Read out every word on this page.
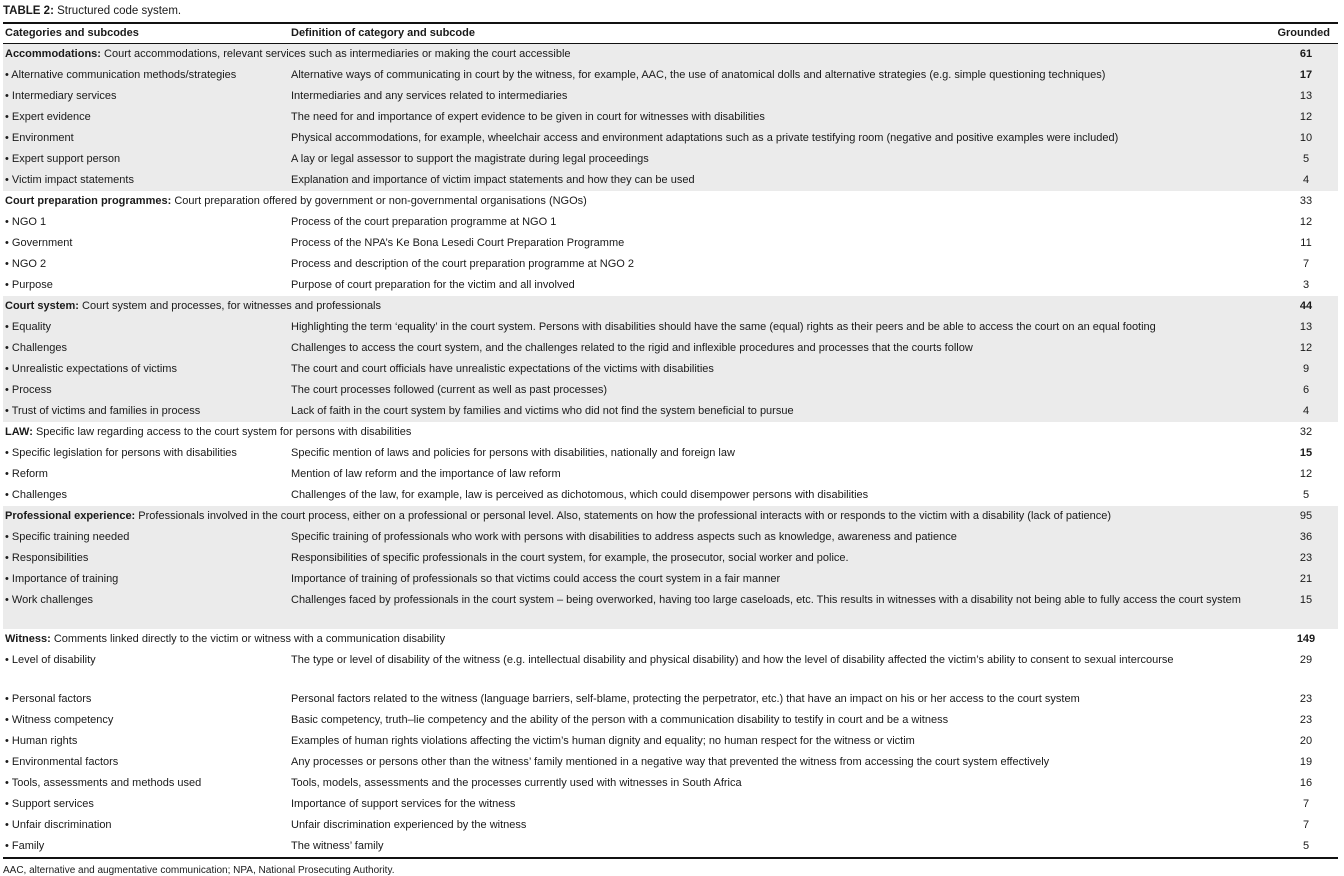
TABLE 2: Structured code system.
Categories and subcodes	Definition of category and subcode	Grounded
Accommodations: Court accommodations, relevant services such as intermediaries or making the court accessible		61
• Alternative communication methods/strategies	Alternative ways of communicating in court by the witness, for example, AAC, the use of anatomical dolls and alternative strategies (e.g. simple questioning techniques)	17
• Intermediary services	Intermediaries and any services related to intermediaries	13
• Expert evidence	The need for and importance of expert evidence to be given in court for witnesses with disabilities	12
• Environment	Physical accommodations, for example, wheelchair access and environment adaptations such as a private testifying room (negative and positive examples were included)	10
• Expert support person	A lay or legal assessor to support the magistrate during legal proceedings	5
• Victim impact statements	Explanation and importance of victim impact statements and how they can be used	4
Court preparation programmes: Court preparation offered by government or non-governmental organisations (NGOs)		33
• NGO 1	Process of the court preparation programme at NGO 1	12
• Government	Process of the NPA’s Ke Bona Lesedi Court Preparation Programme	11
• NGO 2	Process and description of the court preparation programme at NGO 2	7
• Purpose	Purpose of court preparation for the victim and all involved	3
Court system: Court system and processes, for witnesses and professionals		44
• Equality	Highlighting the term ‘equality’ in the court system. Persons with disabilities should have the same (equal) rights as their peers and be able to access the court on an equal footing	13
• Challenges	Challenges to access the court system, and the challenges related to the rigid and inflexible procedures and processes that the courts follow	12
• Unrealistic expectations of victims	The court and court officials have unrealistic expectations of the victims with disabilities	9
• Process	The court processes followed (current as well as past processes)	6
• Trust of victims and families in process	Lack of faith in the court system by families and victims who did not find the system beneficial to pursue	4
LAW: Specific law regarding access to the court system for persons with disabilities		32
• Specific legislation for persons with disabilities	Specific mention of laws and policies for persons with disabilities, nationally and foreign law	15
• Reform	Mention of law reform and the importance of law reform	12
• Challenges	Challenges of the law, for example, law is perceived as dichotomous, which could disempower persons with disabilities	5
Professional experience: Professionals involved in the court process, either on a professional or personal level. Also, statements on how the professional interacts with or responds to the victim with a disability (lack of patience)		95
• Specific training needed	Specific training of professionals who work with persons with disabilities to address aspects such as knowledge, awareness and patience	36
• Responsibilities	Responsibilities of specific professionals in the court system, for example, the prosecutor, social worker and police.	23
• Importance of training	Importance of training of professionals so that victims could access the court system in a fair manner	21
• Work challenges	Challenges faced by professionals in the court system – being overworked, having too large caseloads, etc. This results in witnesses with a disability not being able to fully access the court system	15
Witness: Comments linked directly to the victim or witness with a communication disability		149
• Level of disability	The type or level of disability of the witness (e.g. intellectual disability and physical disability) and how the level of disability affected the victim’s ability to consent to sexual intercourse	29
• Personal factors	Personal factors related to the witness (language barriers, self-blame, protecting the perpetrator, etc.) that have an impact on his or her access to the court system	23
• Witness competency	Basic competency, truth–lie competency and the ability of the person with a communication disability to testify in court and be a witness	23
• Human rights	Examples of human rights violations affecting the victim’s human dignity and equality; no human respect for the witness or victim	20
• Environmental factors	Any processes or persons other than the witness’ family mentioned in a negative way that prevented the witness from accessing the court system effectively	19
• Tools, assessments and methods used	Tools, models, assessments and the processes currently used with witnesses in South Africa	16
• Support services	Importance of support services for the witness	7
• Unfair discrimination	Unfair discrimination experienced by the witness	7
• Family	The witness’ family	5
AAC, alternative and augmentative communication; NPA, National Prosecuting Authority.
